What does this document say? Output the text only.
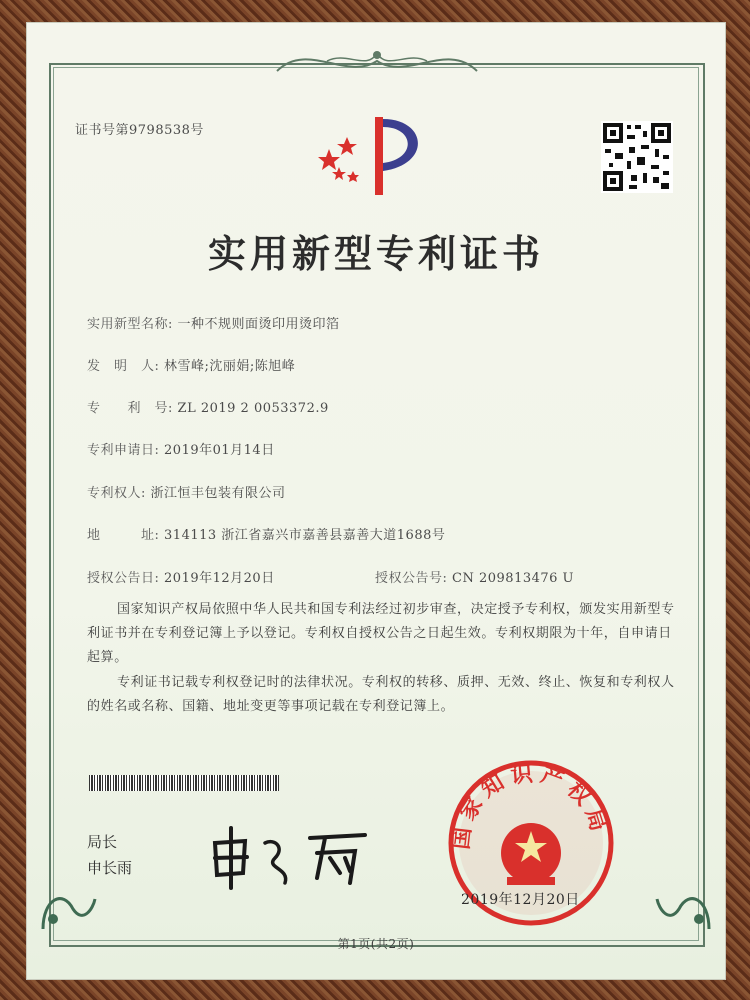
证书号第9798538号
实用新型专利证书
实用新型名称: 一种不规则面烫印用烫印箔
发　明　人: 林雪峰;沈丽娟;陈旭峰
专　　利　号: ZL 2019 2 0053372.9
专利申请日: 2019年01月14日
专利权人: 浙江恒丰包装有限公司
地　　　址: 314113 浙江省嘉兴市嘉善县嘉善大道1688号
授权公告日: 2019年12月20日	授权公告号: CN 209813476 U
国家知识产权局依照中华人民共和国专利法经过初步审查，决定授予专利权，颁发实用新型专利证书并在专利登记簿上予以登记。专利权自授权公告之日起生效。专利权期限为十年，自申请日起算。
专利证书记载专利权登记时的法律状况。专利权的转移、质押、无效、终止、恢复和专利权人的姓名或名称、国籍、地址变更等事项记载在专利登记簿上。
局长
申长雨
国家知识产权局
2019年12月20日
第1页(共2页)
